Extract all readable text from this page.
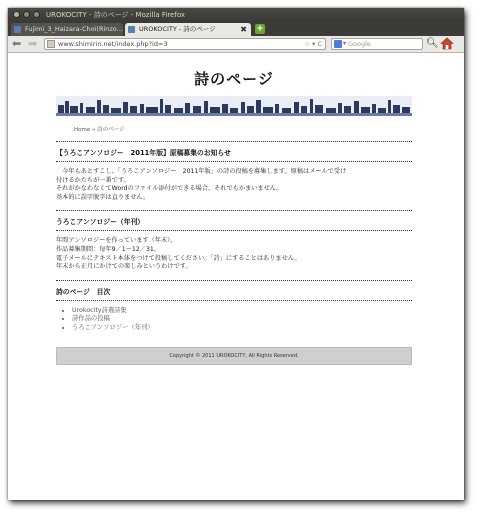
UROKOCITY - 詩のページ - Mozilla Firefox
Fujimi_3_Haizara-Choi(Rinzo...	UROKOCITY - 詩のページ	✖ +
⬅ ➡	www.shimirin.net/index.php?id=3	☆ ▾ C	▾ Google	🔍︎
詩のページ
Home » 詩のページ
【うろこアンソロジー　2011年版】原稿募集のお知らせ

　今年もあとすこし、「うろこアンソロジー　2011年版」の詩の投稿を募集します。原稿はメールで受け

付けるかたちが一番です。

それがかなわなくてWordのファイル添付ができる場合、それでもかまいません。

基本的に誤字脱字は直りません。

うろこアンソロジー（年刊）

年間アンソロジーを作っています（年末）。

作品募集期間：毎年9／1〜12／31。

電子メールにテキスト本体をつけて投稿してください。「詩」にすることはありません。

年末から正月にかけての楽しみというわけです。

詩のページ　目次
• Urokocity詩選詩集
• 詩作品の投稿
• うろこアンソロジー（年刊）
Copyright © 2011 UROKOCITY, All Rights Reserved.
